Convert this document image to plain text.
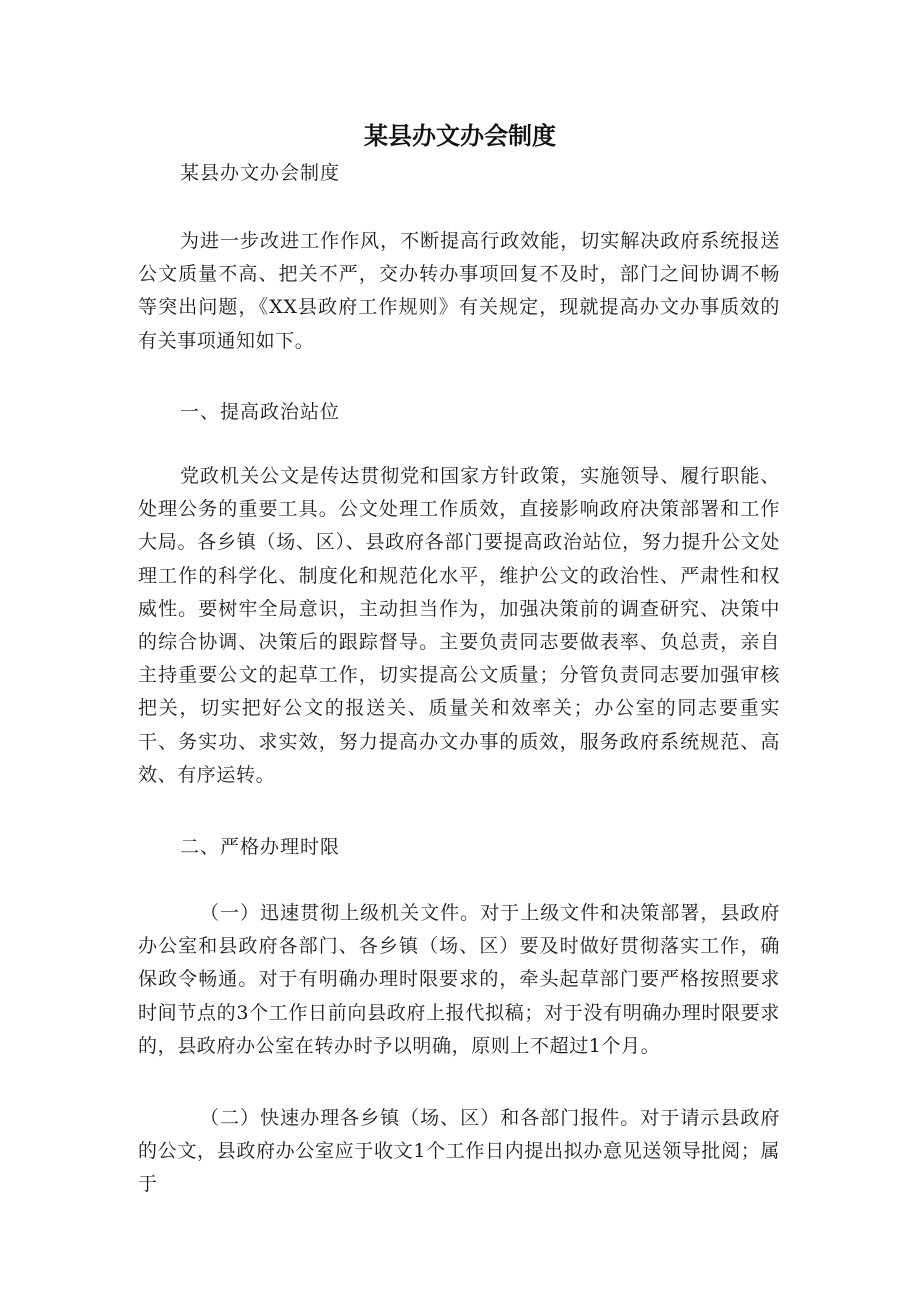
某县办文办会制度

某县办文办会制度

为进一步改进工作作风，不断提高行政效能，切实解决政府系统报送公文质量不高、把关不严，交办转办事项回复不及时，部门之间协调不畅等突出问题，《XX县政府工作规则》有关规定，现就提高办文办事质效的有关事项通知如下。

一、提高政治站位

党政机关公文是传达贯彻党和国家方针政策，实施领导、履行职能、处理公务的重要工具。公文处理工作质效，直接影响政府决策部署和工作大局。各乡镇（场、区）、县政府各部门要提高政治站位，努力提升公文处理工作的科学化、制度化和规范化水平，维护公文的政治性、严肃性和权威性。要树牢全局意识，主动担当作为，加强决策前的调查研究、决策中的综合协调、决策后的跟踪督导。主要负责同志要做表率、负总责，亲自主持重要公文的起草工作，切实提高公文质量；分管负责同志要加强审核把关，切实把好公文的报送关、质量关和效率关；办公室的同志要重实干、务实功、求实效，努力提高办文办事的质效，服务政府系统规范、高效、有序运转。

二、严格办理时限

（一）迅速贯彻上级机关文件。对于上级文件和决策部署，县政府办公室和县政府各部门、各乡镇（场、区）要及时做好贯彻落实工作，确保政令畅通。对于有明确办理时限要求的，牵头起草部门要严格按照要求时间节点的3个工作日前向县政府上报代拟稿；对于没有明确办理时限要求的，县政府办公室在转办时予以明确，原则上不超过1个月。

（二）快速办理各乡镇（场、区）和各部门报件。对于请示县政府的公文，县政府办公室应于收文1个工作日内提出拟办意见送领导批阅；属于
